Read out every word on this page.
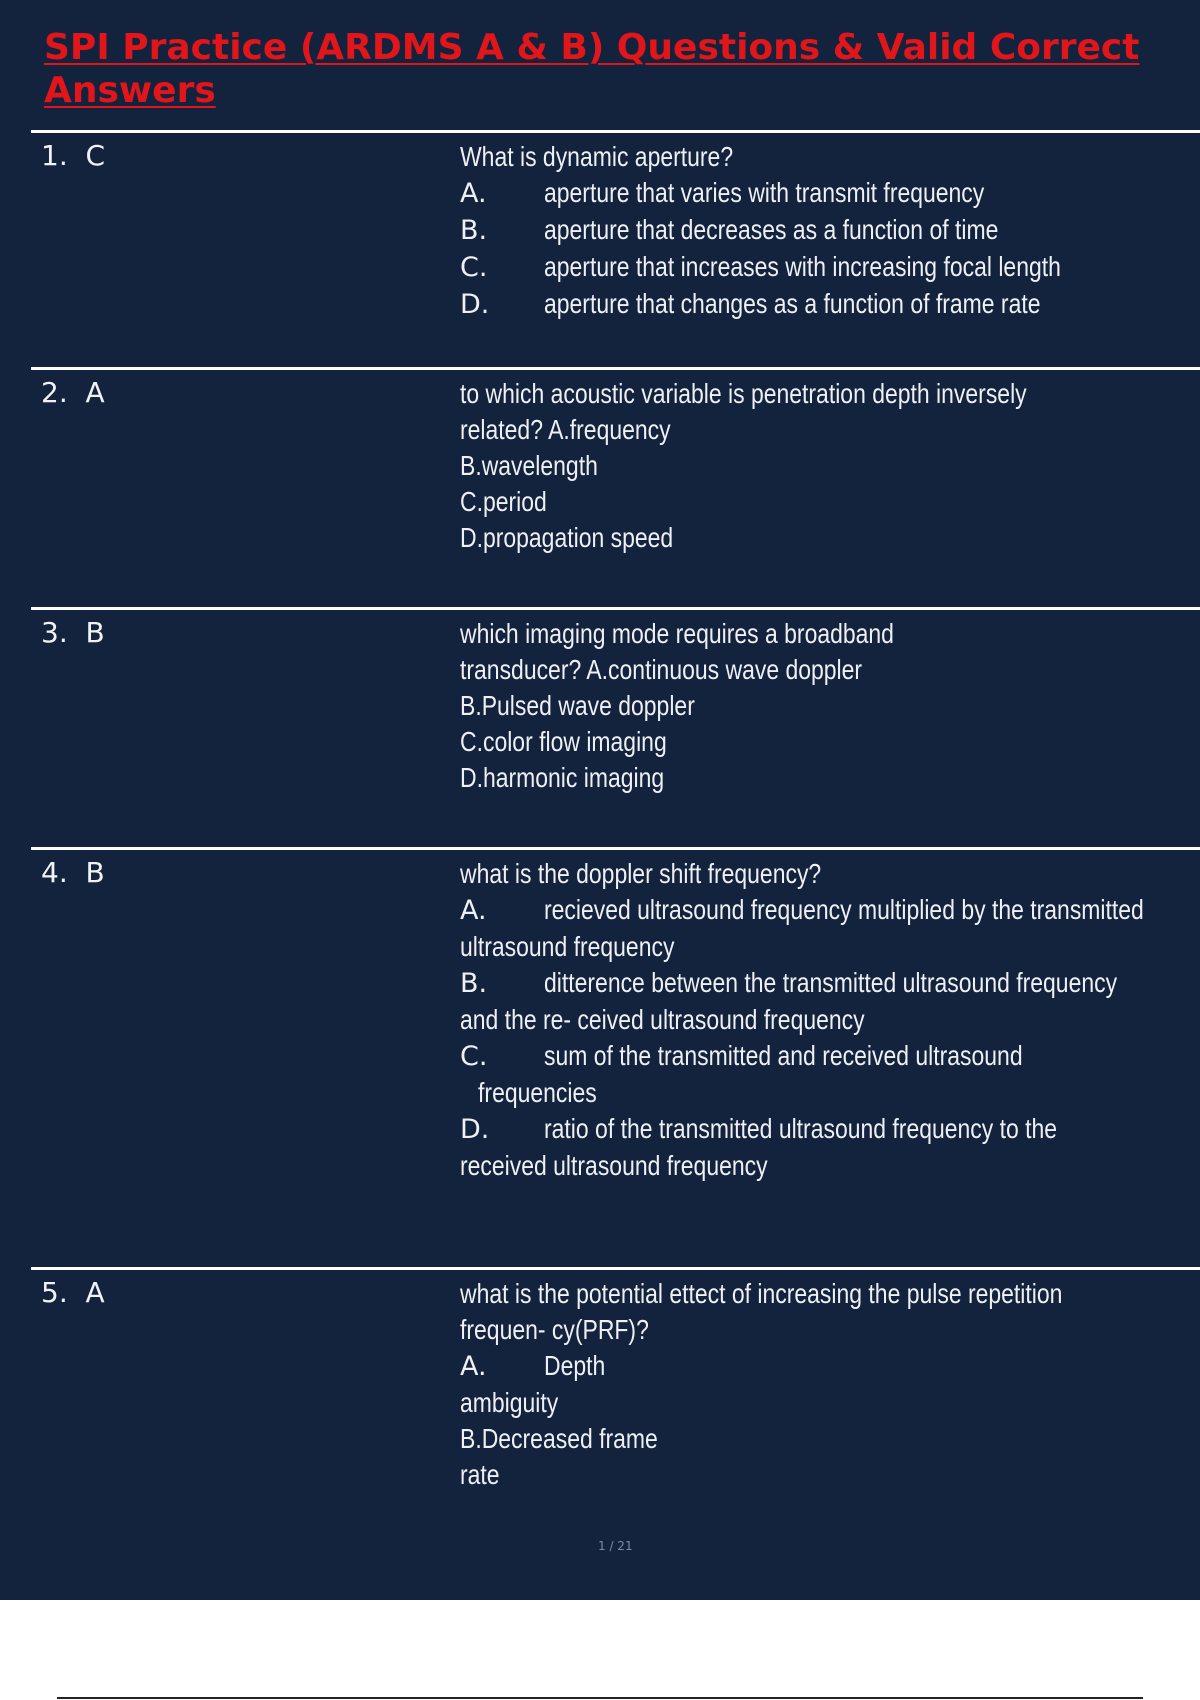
SPI Practice (ARDMS A & B) Questions & Valid Correct Answers
1.  C	What is dynamic aperture?
A. aperture that varies with transmit frequency
B. aperture that decreases as a function of time
C. aperture that increases with increasing focal length
D. aperture that changes as a function of frame rate
2.  A	to which acoustic variable is penetration depth inversely
related? A.frequency
B.wavelength
C.period
D.propagation speed
3.  B	which imaging mode requires a broadband
transducer? A.continuous wave doppler
B.Pulsed wave doppler
C.color flow imaging
D.harmonic imaging
4.  B	what is the doppler shift frequency?
A. recieved ultrasound frequency multiplied by the transmitted
ultrasound frequency
B. ditterence between the transmitted ultrasound frequency
and the re- ceived ultrasound frequency
C. sum of the transmitted and received ultrasound
frequencies
D. ratio of the transmitted ultrasound frequency to the
received ultrasound frequency
5.  A	what is the potential ettect of increasing the pulse repetition
frequen- cy(PRF)?
A. Depth
ambiguity
B.Decreased frame
rate
1 / 21
